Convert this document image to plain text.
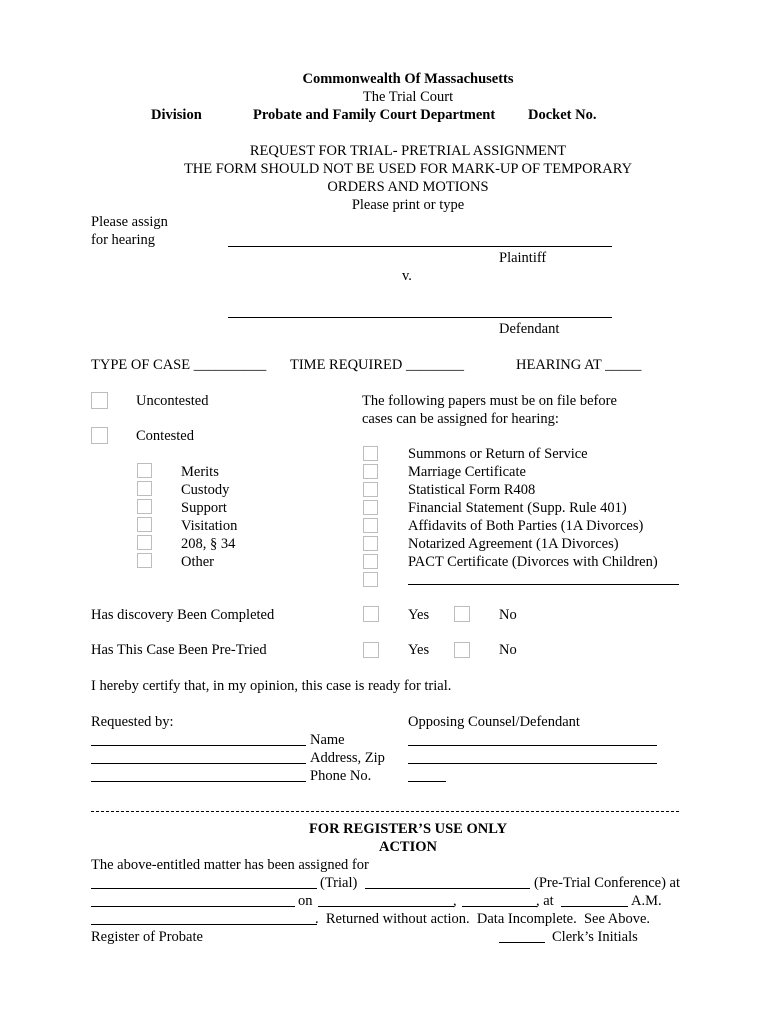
Commonwealth Of Massachusetts
The Trial Court
Division	Probate and Family Court Department Docket No.
REQUEST FOR TRIAL- PRETRIAL ASSIGNMENT
THE FORM SHOULD NOT BE USED FOR MARK-UP OF TEMPORARY
ORDERS AND MOTIONS
Please print or type
Please assign
for hearing
Plaintiff
v.
Defendant
TYPE OF CASE __________ TIME REQUIRED ________	HEARING AT _____
Uncontested
Contested
Merits
Custody
Support
Visitation
208, § 34
Other
The following papers must be on file before
cases can be assigned for hearing:
Summons or Return of Service
Marriage Certificate
Statistical Form R408
Financial Statement (Supp. Rule 401)
Affidavits of Both Parties (1A Divorces)
Notarized Agreement (1A Divorces)
PACT Certificate (Divorces with Children)
Has discovery Been Completed	Yes	No
Has This Case Been Pre-Tried	Yes	No
I hereby certify that, in my opinion, this case is ready for trial.
Requested by:	Opposing Counsel/Defendant
Name
Address, Zip
Phone No.
FOR REGISTER’S USE ONLY
ACTION
The above-entitled matter has been assigned for
(Trial)	(Pre-Trial Conference) at
on	,	, at	A.M.
.  Returned without action.  Data Incomplete.  See Above.
Register of Probate	Clerk’s Initials
